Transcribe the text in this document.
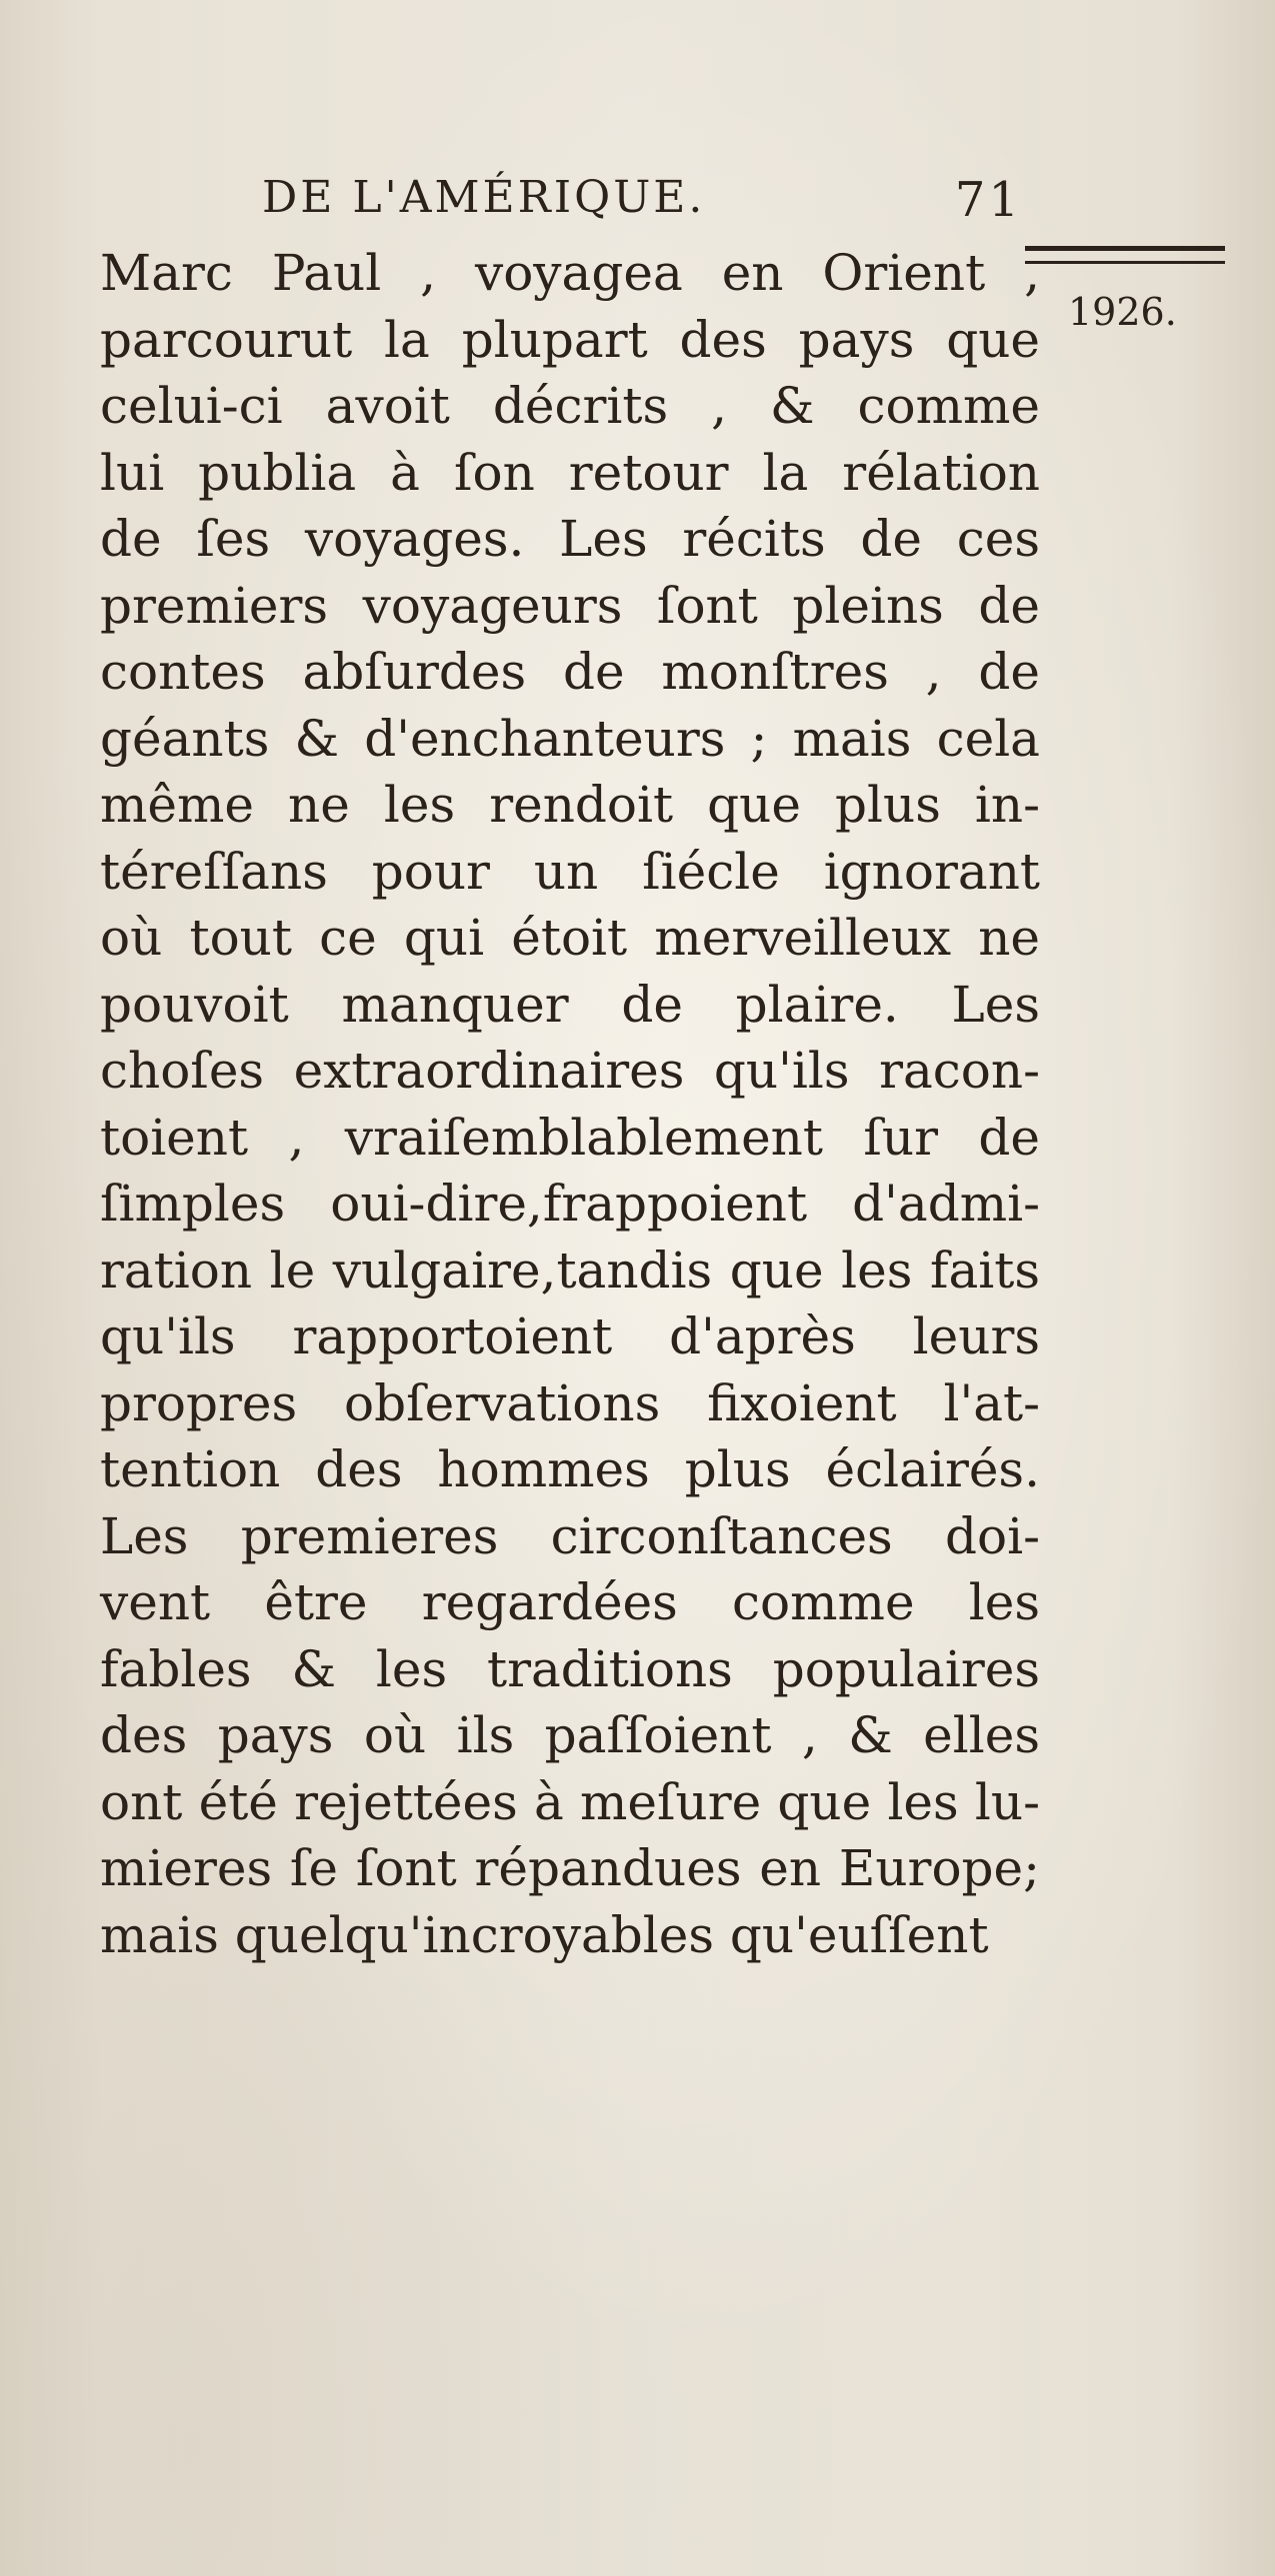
DE L'AMÉRIQUE.	71
1926.
Marc Paul , voyagea en Orient ,
parcourut la plupart des pays que
celui-ci avoit décrits , & comme
lui publia à ſon retour la rélation
de ſes voyages. Les récits de ces
premiers voyageurs ſont pleins de
contes abſurdes de monſtres , de
géants & d'enchanteurs ; mais cela
même ne les rendoit que plus in-
téreſſans pour un ſiécle ignorant
où tout ce qui étoit merveilleux ne
pouvoit manquer de plaire. Les
choſes extraordinaires qu'ils racon-
toient , vraiſemblablement ſur de
ſimples oui-dire,frappoient d'admi-
ration le vulgaire,tandis que les faits
qu'ils rapportoient d'après leurs
propres obſervations fixoient l'at-
tention des hommes plus éclairés.
Les premieres circonſtances doi-
vent être regardées comme les
fables & les traditions populaires
des pays où ils paſſoient , & elles
ont été rejettées à meſure que les lu-
mieres ſe ſont répandues en Europe;
mais quelqu'incroyables qu'euſſent
